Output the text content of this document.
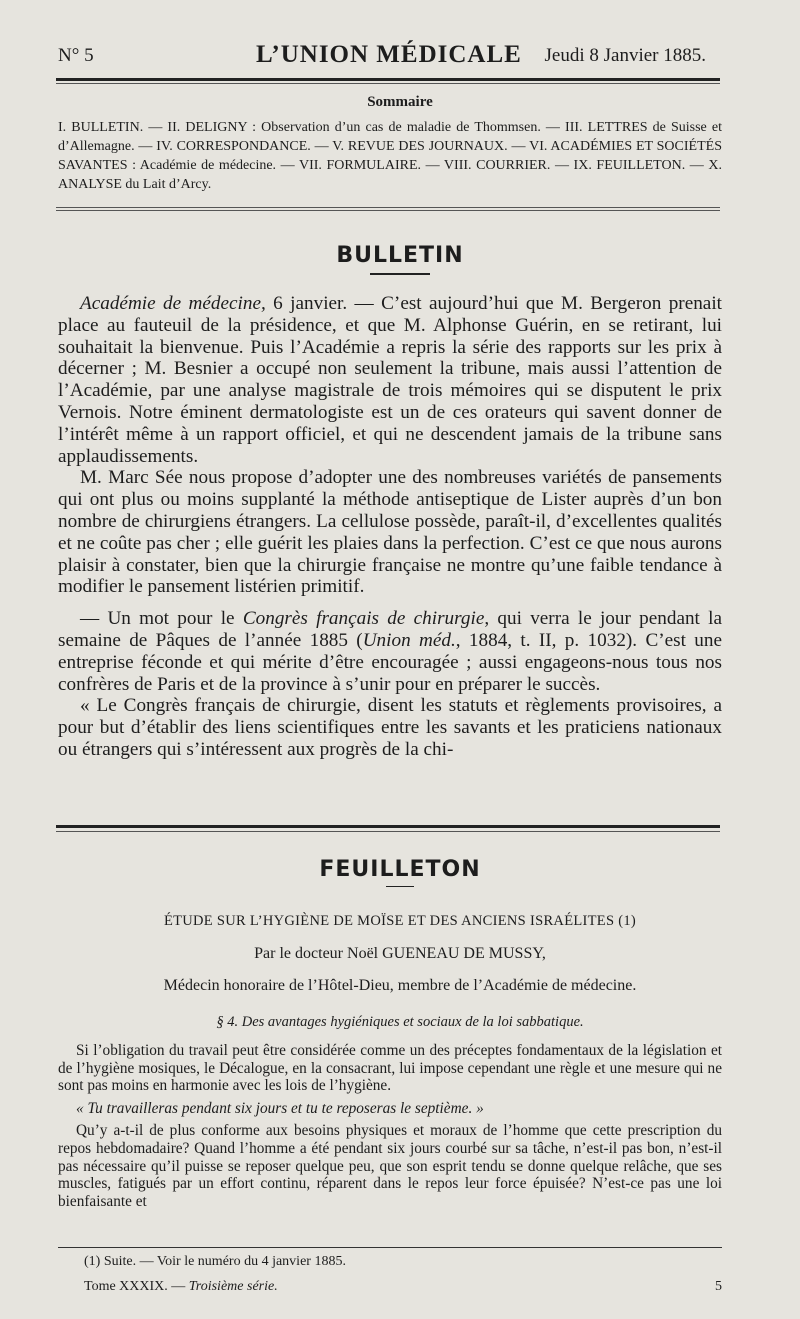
N° 5	L’UNION MÉDICALE Jeudi 8 Janvier 1885.
Sommaire
I. BULLETIN. — II. DELIGNY : Observation d’un cas de maladie de Thommsen. — III. LETTRES de Suisse et d’Allemagne. — IV. CORRESPONDANCE. — V. REVUE DES JOURNAUX. — VI. ACADÉMIES ET SOCIÉTÉS SAVANTES : Académie de médecine. — VII. FORMULAIRE. — VIII. COURRIER. — IX. FEUILLETON. — X. ANALYSE du Lait d’Arcy.
BULLETIN

Académie de médecine, 6 janvier. — C’est aujourd’hui que M. Bergeron prenait place au fauteuil de la présidence, et que M. Alphonse Guérin, en se retirant, lui souhaitait la bienvenue. Puis l’Académie a repris la série des rapports sur les prix à décerner ; M. Besnier a occupé non seulement la tribune, mais aussi l’attention de l’Académie, par une analyse magistrale de trois mémoires qui se disputent le prix Vernois. Notre éminent dermatologiste est un de ces orateurs qui savent donner de l’intérêt même à un rapport officiel, et qui ne descendent jamais de la tribune sans applaudissements.

M. Marc Sée nous propose d’adopter une des nombreuses variétés de pansements qui ont plus ou moins supplanté la méthode antiseptique de Lister auprès d’un bon nombre de chirurgiens étrangers. La cellulose possède, paraît-il, d’excellentes qualités et ne coûte pas cher ; elle guérit les plaies dans la perfection. C’est ce que nous aurons plaisir à constater, bien que la chirurgie française ne montre qu’une faible tendance à modifier le pansement listérien primitif.

— Un mot pour le Congrès français de chirurgie, qui verra le jour pendant la semaine de Pâques de l’année 1885 (Union méd., 1884, t. II, p. 1032). C’est une entreprise féconde et qui mérite d’être encouragée ; aussi engageons-nous tous nos confrères de Paris et de la province à s’unir pour en préparer le succès.

« Le Congrès français de chirurgie, disent les statuts et règlements provisoires, a pour but d’établir des liens scientifiques entre les savants et les praticiens nationaux ou étrangers qui s’intéressent aux progrès de la chi-

FEUILLETON
ÉTUDE SUR L’HYGIÈNE DE MOÏSE ET DES ANCIENS ISRAÉLITES (1)
Par le docteur Noël GUENEAU DE MUSSY,
Médecin honoraire de l’Hôtel-Dieu, membre de l’Académie de médecine.
§ 4. Des avantages hygiéniques et sociaux de la loi sabbatique.

Si l’obligation du travail peut être considérée comme un des préceptes fondamentaux de la législation et de l’hygiène mosiques, le Décalogue, en la consacrant, lui impose cependant une règle et une mesure qui ne sont pas moins en harmonie avec les lois de l’hygiène.

« Tu travailleras pendant six jours et tu te reposeras le septième. »

Qu’y a-t-il de plus conforme aux besoins physiques et moraux de l’homme que cette prescription du repos hebdomadaire? Quand l’homme a été pendant six jours courbé sur sa tâche, n’est-il pas bon, n’est-il pas nécessaire qu’il puisse se reposer quelque peu, que son esprit tendu se donne quelque relâche, que ses muscles, fatigués par un effort continu, réparent dans le repos leur force épuisée? N’est-ce pas une loi bienfaisante et

(1) Suite. — Voir le numéro du 4 janvier 1885.
Tome XXXIX. — Troisième série.	5
